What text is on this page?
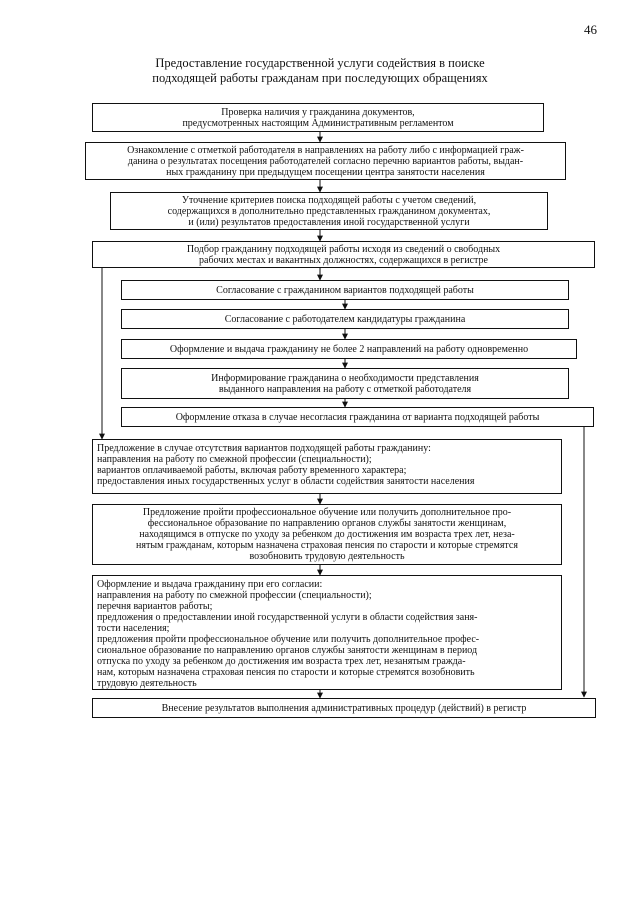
46
Предоставление государственной услуги содействия в поиске
подходящей работы гражданам при последующих обращениях
Проверка наличия у гражданина документов,
предусмотренных настоящим Административным регламентом
Ознакомление с отметкой работодателя в направлениях на работу либо с информацией граж-
данина о результатах посещения работодателей согласно перечню вариантов работы, выдан-
ных гражданину при предыдущем посещении центра занятости населения
Уточнение критериев поиска подходящей работы с учетом сведений,
содержащихся в дополнительно представленных гражданином документах,
и (или) результатов предоставления иной государственной услуги
Подбор гражданину подходящей работы исходя из сведений о свободных
рабочих местах и вакантных должностях, содержащихся в регистре
Согласование с гражданином вариантов подходящей работы
Согласование с работодателем кандидатуры гражданина
Оформление и выдача гражданину не более 2 направлений на работу одновременно
Информирование гражданина о необходимости представления
выданного направления на работу с отметкой работодателя
Оформление отказа в случае несогласия гражданина от варианта подходящей работы
Предложение в случае отсутствия вариантов подходящей работы гражданину:
направления на работу по смежной профессии (специальности);
вариантов оплачиваемой работы, включая работу временного характера;
предоставления иных государственных услуг в области содействия занятости населения
Предложение пройти профессиональное обучение или получить дополнительное про-
фессиональное образование по направлению органов службы занятости женщинам,
находящимся в отпуске по уходу за ребенком до достижения им возраста трех лет, неза-
нятым гражданам, которым назначена страховая пенсия по старости и которые стремятся
возобновить трудовую деятельность
Оформление и выдача гражданину при его согласии:
направления на работу по смежной профессии (специальности);
перечня вариантов работы;
предложения о предоставлении иной государственной услуги в области содействия заня-
тости населения;
предложения пройти профессиональное обучение или получить дополнительное профес-
сиональное образование по направлению органов службы занятости женщинам в период
отпуска по уходу за ребенком до достижения им возраста трех лет, незанятым гражда-
нам, которым назначена страховая пенсия по старости и которые стремятся возобновить
трудовую деятельность
Внесение результатов выполнения административных процедур (действий) в регистр
